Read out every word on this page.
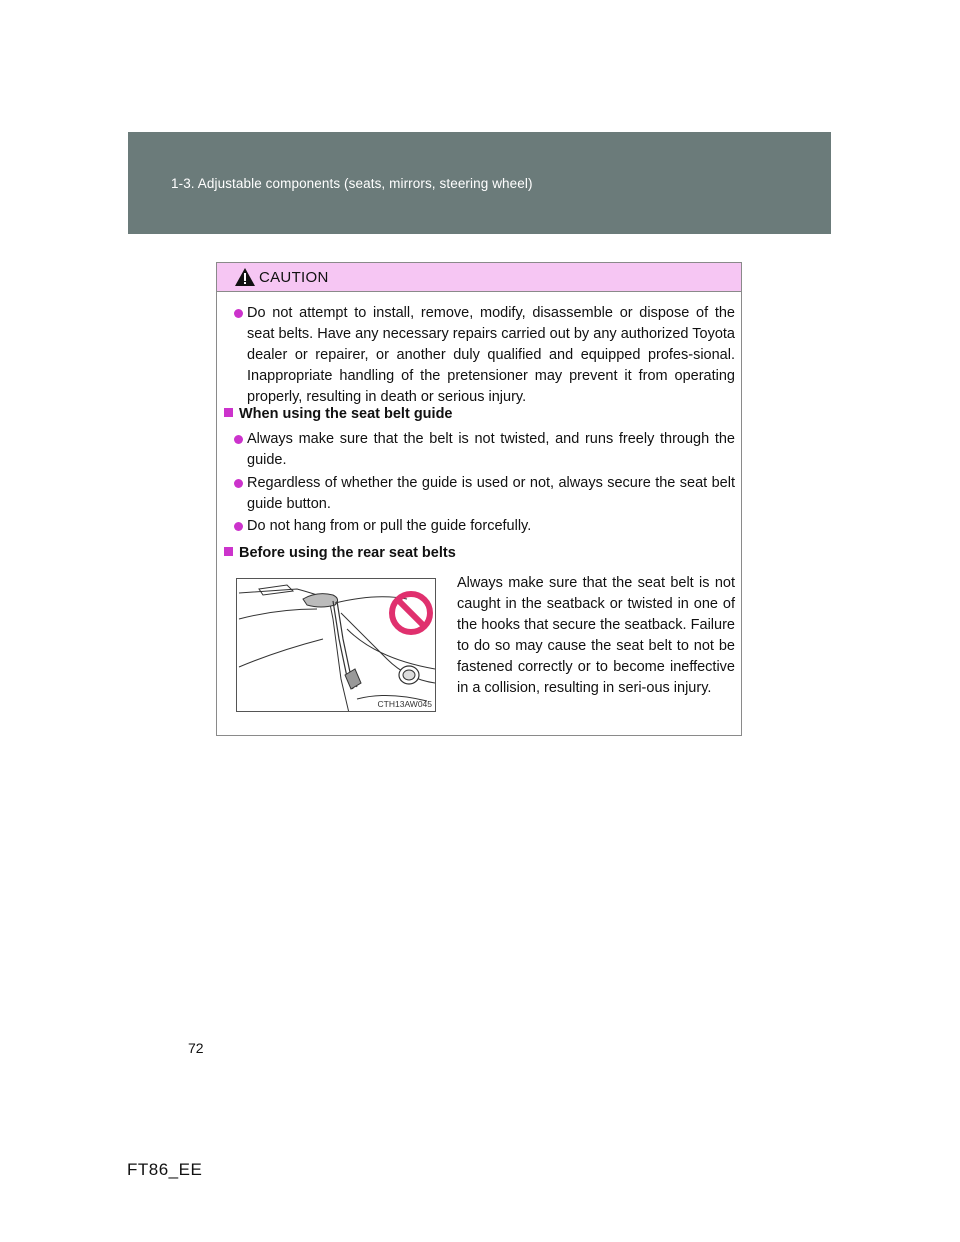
1-3. Adjustable components (seats, mirrors, steering wheel)
CAUTION
Do not attempt to install, remove, modify, disassemble or dispose of the seat belts. Have any necessary repairs carried out by any authorized Toyota dealer or repairer, or another duly qualified and equipped profes-sional. Inappropriate handling of the pretensioner may prevent it from operating properly, resulting in death or serious injury.
When using the seat belt guide
Always make sure that the belt is not twisted, and runs freely through the guide.
Regardless of whether the guide is used or not, always secure the seat belt guide button.
Do not hang from or pull the guide forcefully.
Before using the rear seat belts
CTH13AW045
Always make sure that the seat belt is not caught in the seatback or twisted in one of the hooks that secure the seatback. Failure to do so may cause the seat belt to not be fastened correctly or to become ineffective in a collision, resulting in seri-ous injury.
72
FT86_EE
